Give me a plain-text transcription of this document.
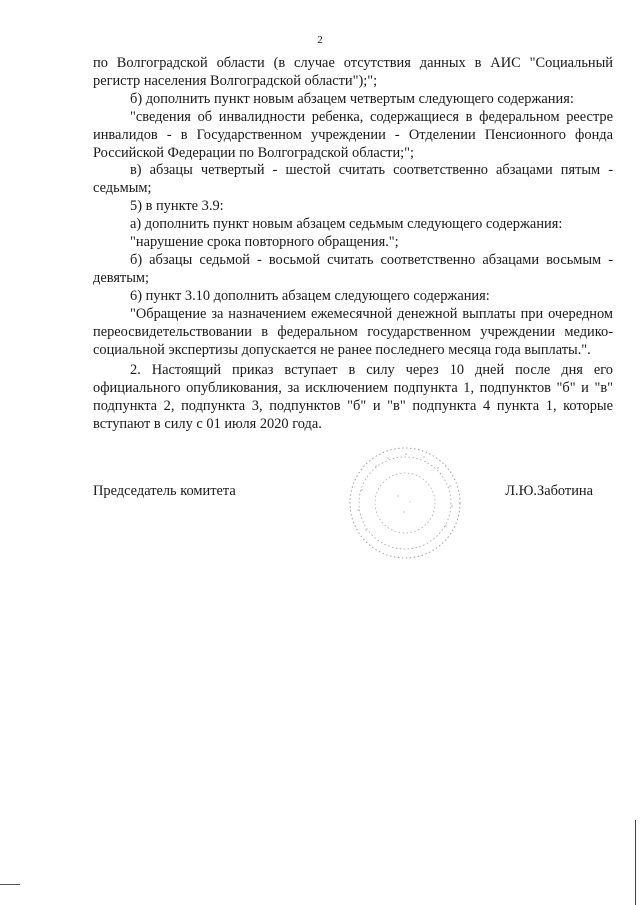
2

по Волгоградской области (в случае отсутствия данных в АИС "Социальный регистр населения Волгоградской области");";

б) дополнить пункт новым абзацем четвертым следующего содержания:

"сведения об инвалидности ребенка, содержащиеся в федеральном реестре инвалидов - в Государственном учреждении - Отделении Пенсионного фонда Российской Федерации по Волгоградской области;";

в) абзацы четвертый - шестой считать соответственно абзацами пятым - седьмым;

5) в пункте 3.9:

а) дополнить пункт новым абзацем седьмым следующего содержания:

"нарушение срока повторного обращения.";

б) абзацы седьмой - восьмой считать соответственно абзацами восьмым - девятым;

6) пункт 3.10 дополнить абзацем следующего содержания:

"Обращение за назначением ежемесячной денежной выплаты при очередном переосвидетельствовании в федеральном государственном учреждении медико-социальной экспертизы допускается не ранее последнего месяца года выплаты.".

2. Настоящий приказ вступает в силу через 10 дней после дня его официального опубликования, за исключением подпункта 1, подпунктов "б" и "в" подпункта 2, подпункта 3, подпунктов "б" и "в" подпункта 4 пункта 1, которые вступают в силу с 01 июля 2020 года.

Председатель комитета	Л.Ю.Заботина
